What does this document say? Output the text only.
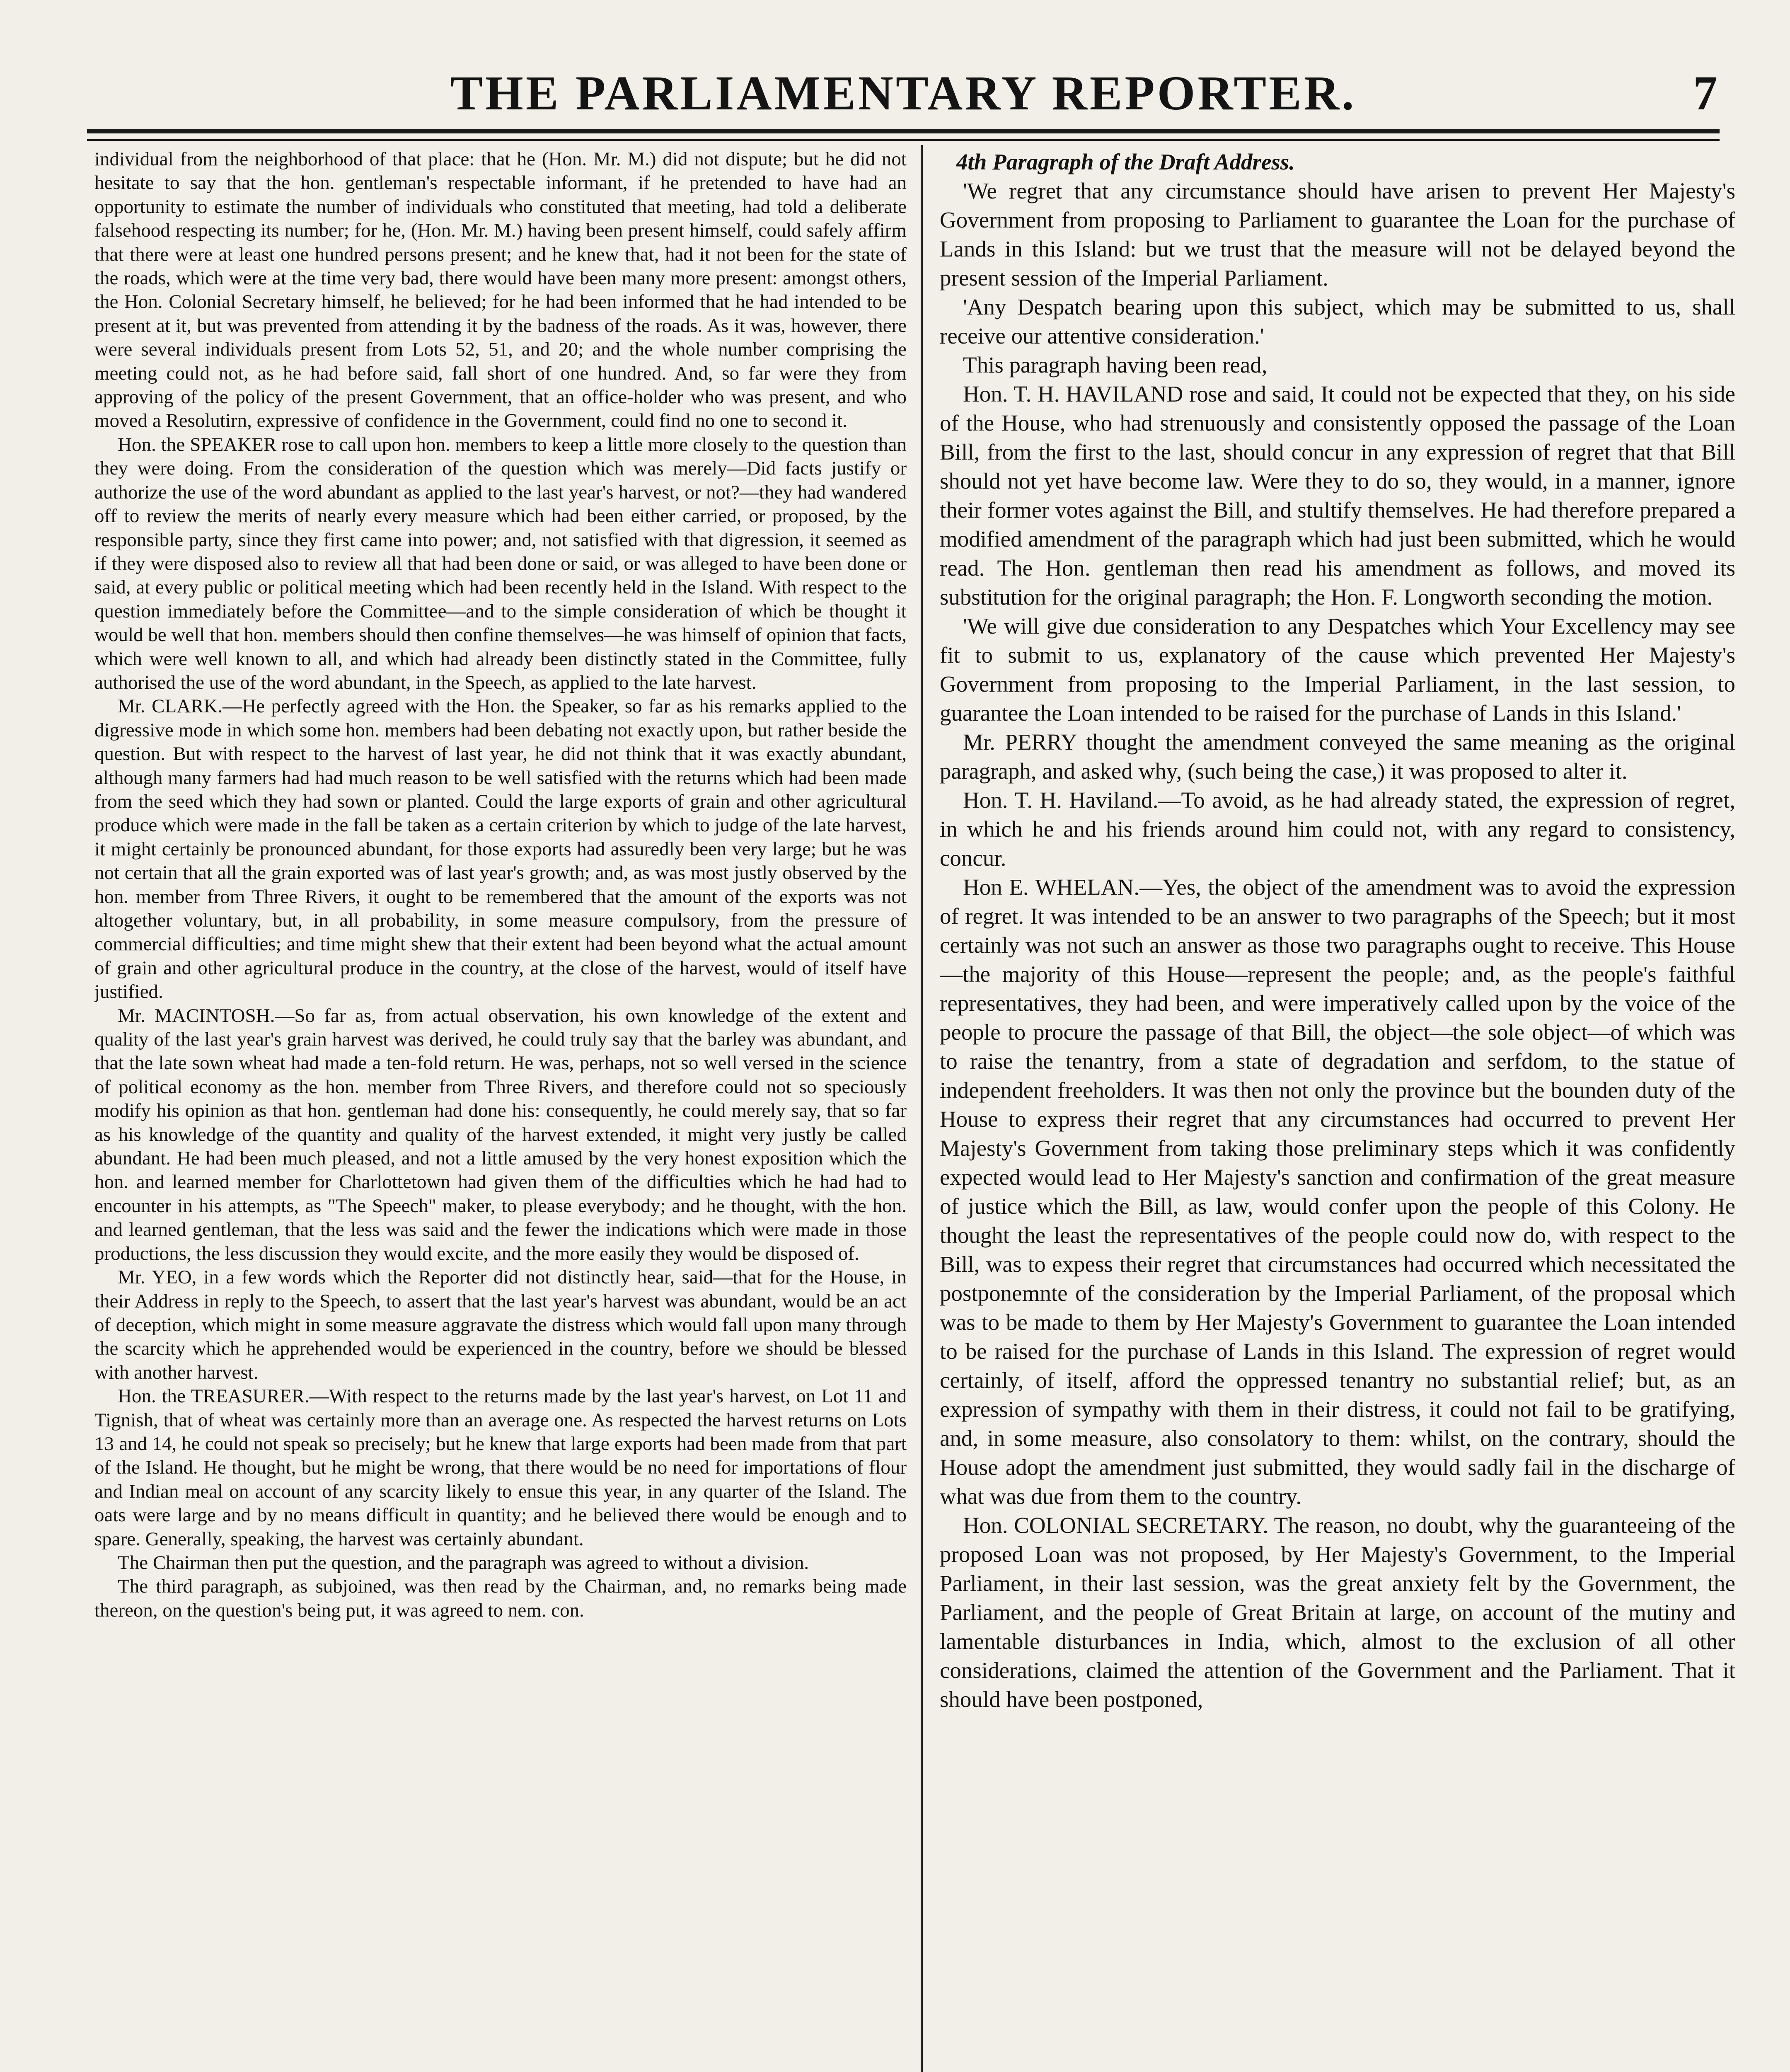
THE PARLIAMENTARY REPORTER.	7

individual from the neighborhood of that place: that he (Hon. Mr. M.) did not dispute; but he did not hesitate to say that the hon. gentleman's respectable informant, if he pretended to have had an opportunity to estimate the number of individuals who constituted that meeting, had told a deliberate falsehood respecting its number; for he, (Hon. Mr. M.) having been present himself, could safely affirm that there were at least one hundred persons present; and he knew that, had it not been for the state of the roads, which were at the time very bad, there would have been many more present: amongst others, the Hon. Colonial Secretary himself, he believed; for he had been informed that he had intended to be present at it, but was prevented from attending it by the badness of the roads. As it was, however, there were several individuals present from Lots 52, 51, and 20; and the whole number comprising the meeting could not, as he had before said, fall short of one hundred. And, so far were they from approving of the policy of the present Government, that an office-holder who was present, and who moved a Resolutirn, expressive of confidence in the Government, could find no one to second it.

Hon. the SPEAKER rose to call upon hon. members to keep a little more closely to the question than they were doing. From the consideration of the question which was merely—Did facts justify or authorize the use of the word abundant as applied to the last year's harvest, or not?—they had wandered off to review the merits of nearly every measure which had been either carried, or proposed, by the responsible party, since they first came into power; and, not satisfied with that digression, it seemed as if they were disposed also to review all that had been done or said, or was alleged to have been done or said, at every public or political meeting which had been recently held in the Island. With respect to the question immediately before the Committee—and to the simple consideration of which be thought it would be well that hon. members should then confine themselves—he was himself of opinion that facts, which were well known to all, and which had already been distinctly stated in the Committee, fully authorised the use of the word abundant, in the Speech, as applied to the late harvest.

Mr. CLARK.—He perfectly agreed with the Hon. the Speaker, so far as his remarks applied to the digressive mode in which some hon. members had been debating not exactly upon, but rather beside the question. But with respect to the harvest of last year, he did not think that it was exactly abundant, although many farmers had had much reason to be well satisfied with the returns which had been made from the seed which they had sown or planted. Could the large exports of grain and other agricultural produce which were made in the fall be taken as a certain criterion by which to judge of the late harvest, it might certainly be pronounced abundant, for those exports had assuredly been very large; but he was not certain that all the grain exported was of last year's growth; and, as was most justly observed by the hon. member from Three Rivers, it ought to be remembered that the amount of the exports was not altogether voluntary, but, in all probability, in some measure compulsory, from the pressure of commercial difficulties; and time might shew that their extent had been beyond what the actual amount of grain and other agricultural produce in the country, at the close of the harvest, would of itself have justified.

Mr. MACINTOSH.—So far as, from actual observation, his own knowledge of the extent and quality of the last year's grain harvest was derived, he could truly say that the barley was abundant, and that the late sown wheat had made a ten-fold return. He was, perhaps, not so well versed in the science of political economy as the hon. member from Three Rivers, and therefore could not so speciously modify his opinion as that hon. gentleman had done his: consequently, he could merely say, that so far as his knowledge of the quantity and quality of the harvest extended, it might very justly be called abundant. He had been much pleased, and not a little amused by the very honest exposition which the hon. and learned member for Charlottetown had given them of the difficulties which he had had to encounter in his attempts, as "The Speech" maker, to please everybody; and he thought, with the hon. and learned gentleman, that the less was said and the fewer the indications which were made in those productions, the less discussion they would excite, and the more easily they would be disposed of.

Mr. YEO, in a few words which the Reporter did not distinctly hear, said—that for the House, in their Address in reply to the Speech, to assert that the last year's harvest was abundant, would be an act of deception, which might in some measure aggravate the distress which would fall upon many through the scarcity which he apprehended would be experienced in the country, before we should be blessed with another harvest.

Hon. the TREASURER.—With respect to the returns made by the last year's harvest, on Lot 11 and Tignish, that of wheat was certainly more than an average one. As respected the harvest returns on Lots 13 and 14, he could not speak so precisely; but he knew that large exports had been made from that part of the Island. He thought, but he might be wrong, that there would be no need for importations of flour and Indian meal on account of any scarcity likely to ensue this year, in any quarter of the Island. The oats were large and by no means difficult in quantity; and he believed there would be enough and to spare. Generally, speaking, the harvest was certainly abundant.

The Chairman then put the question, and the paragraph was agreed to without a division.

The third paragraph, as subjoined, was then read by the Chairman, and, no remarks being made thereon, on the question's being put, it was agreed to nem. con.

4th Paragraph of the Draft Address.

'We regret that any circumstance should have arisen to prevent Her Majesty's Government from proposing to Parliament to guarantee the Loan for the purchase of Lands in this Island: but we trust that the measure will not be delayed beyond the present session of the Imperial Parliament.

'Any Despatch bearing upon this subject, which may be submitted to us, shall receive our attentive consideration.'

This paragraph having been read,

Hon. T. H. HAVILAND rose and said, It could not be expected that they, on his side of the House, who had strenuously and consistently opposed the passage of the Loan Bill, from the first to the last, should concur in any expression of regret that that Bill should not yet have become law. Were they to do so, they would, in a manner, ignore their former votes against the Bill, and stultify themselves. He had therefore prepared a modified amendment of the paragraph which had just been submitted, which he would read. The Hon. gentleman then read his amendment as follows, and moved its substitution for the original paragraph; the Hon. F. Longworth seconding the motion.

'We will give due consideration to any Despatches which Your Excellency may see fit to submit to us, explanatory of the cause which prevented Her Majesty's Government from proposing to the Imperial Parliament, in the last session, to guarantee the Loan intended to be raised for the purchase of Lands in this Island.'

Mr. PERRY thought the amendment conveyed the same meaning as the original paragraph, and asked why, (such being the case,) it was proposed to alter it.

Hon. T. H. Haviland.—To avoid, as he had already stated, the expression of regret, in which he and his friends around him could not, with any regard to consistency, concur.

Hon E. WHELAN.—Yes, the object of the amendment was to avoid the expression of regret. It was intended to be an answer to two paragraphs of the Speech; but it most certainly was not such an answer as those two paragraphs ought to receive. This House—the majority of this House—represent the people; and, as the people's faithful representatives, they had been, and were imperatively called upon by the voice of the people to procure the passage of that Bill, the object—the sole object—of which was to raise the tenantry, from a state of degradation and serfdom, to the statue of independent freeholders. It was then not only the province but the bounden duty of the House to express their regret that any circumstances had occurred to prevent Her Majesty's Government from taking those preliminary steps which it was confidently expected would lead to Her Majesty's sanction and confirmation of the great measure of justice which the Bill, as law, would confer upon the people of this Colony. He thought the least the representatives of the people could now do, with respect to the Bill, was to expess their regret that circumstances had occurred which necessitated the postponemnte of the consideration by the Imperial Parliament, of the proposal which was to be made to them by Her Majesty's Government to guarantee the Loan intended to be raised for the purchase of Lands in this Island. The expression of regret would certainly, of itself, afford the oppressed tenantry no substantial relief; but, as an expression of sympathy with them in their distress, it could not fail to be gratifying, and, in some measure, also consolatory to them: whilst, on the contrary, should the House adopt the amendment just submitted, they would sadly fail in the discharge of what was due from them to the country.

Hon. COLONIAL SECRETARY. The reason, no doubt, why the guaranteeing of the proposed Loan was not proposed, by Her Majesty's Government, to the Imperial Parliament, in their last session, was the great anxiety felt by the Government, the Parliament, and the people of Great Britain at large, on account of the mutiny and lamentable disturbances in India, which, almost to the exclusion of all other considerations, claimed the attention of the Government and the Parliament. That it should have been postponed,
